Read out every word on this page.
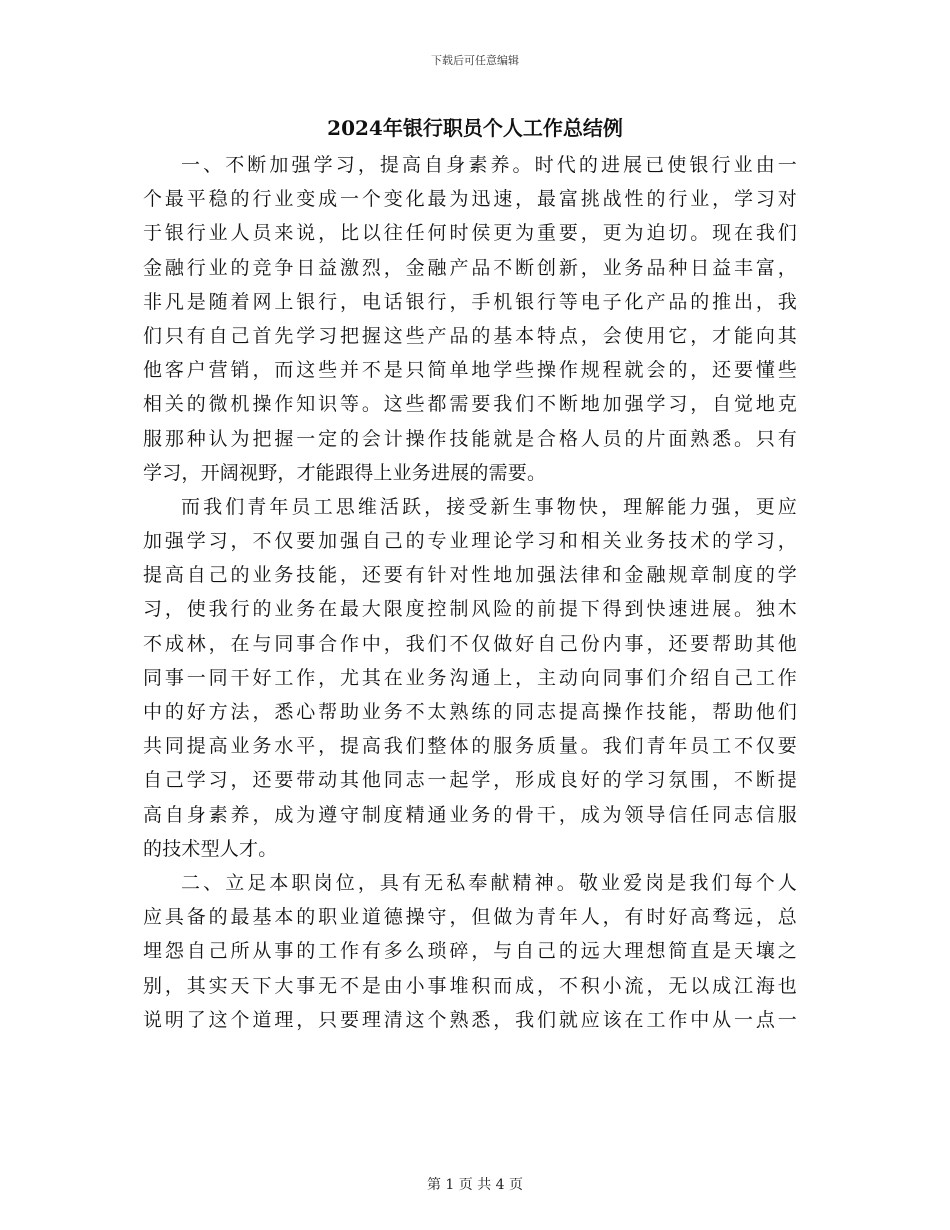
下载后可任意编辑
2024年银行职员个人工作总结例
一、不断加强学习，提高自身素养。时代的进展已使银行业由一
个最平稳的行业变成一个变化最为迅速，最富挑战性的行业，学习对
于银行业人员来说，比以往任何时侯更为重要，更为迫切。现在我们
金融行业的竞争日益激烈，金融产品不断创新，业务品种日益丰富，
非凡是随着网上银行，电话银行，手机银行等电子化产品的推出，我
们只有自己首先学习把握这些产品的基本特点，会使用它，才能向其
他客户营销，而这些并不是只简单地学些操作规程就会的，还要懂些
相关的微机操作知识等。这些都需要我们不断地加强学习，自觉地克
服那种认为把握一定的会计操作技能就是合格人员的片面熟悉。只有
学习，开阔视野，才能跟得上业务进展的需要。
而我们青年员工思维活跃，接受新生事物快，理解能力强，更应
加强学习，不仅要加强自己的专业理论学习和相关业务技术的学习，
提高自己的业务技能，还要有针对性地加强法律和金融规章制度的学
习，使我行的业务在最大限度控制风险的前提下得到快速进展。独木
不成林，在与同事合作中，我们不仅做好自己份内事，还要帮助其他
同事一同干好工作，尤其在业务沟通上，主动向同事们介绍自己工作
中的好方法，悉心帮助业务不太熟练的同志提高操作技能，帮助他们
共同提高业务水平，提高我们整体的服务质量。我们青年员工不仅要
自己学习，还要带动其他同志一起学，形成良好的学习氛围，不断提
高自身素养，成为遵守制度精通业务的骨干，成为领导信任同志信服
的技术型人才。
二、立足本职岗位，具有无私奉献精神。敬业爱岗是我们每个人
应具备的最基本的职业道德操守，但做为青年人，有时好高骛远，总
埋怨自己所从事的工作有多么琐碎，与自己的远大理想简直是天壤之
别，其实天下大事无不是由小事堆积而成，不积小流，无以成江海也
说明了这个道理，只要理清这个熟悉，我们就应该在工作中从一点一
第 1 页 共 4 页
